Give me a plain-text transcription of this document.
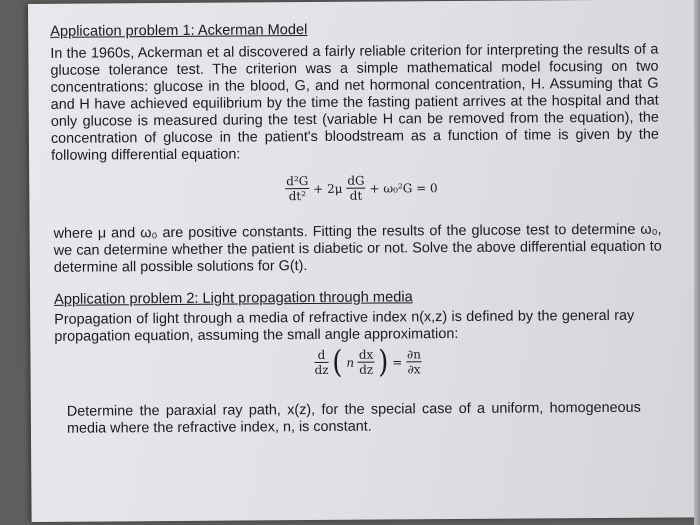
Application problem 1: Ackerman Model
In the 1960s, Ackerman et al discovered a fairly reliable criterion for interpreting the results of a glucose tolerance test. The criterion was a simple mathematical model focusing on two concentrations: glucose in the blood, G, and net hormonal concentration, H. Assuming that G and H have achieved equilibrium by the time the fasting patient arrives at the hospital and that only glucose is measured during the test (variable H can be removed from the equation), the concentration of glucose in the patient's bloodstream as a function of time is given by the following differential equation:
$\frac{\text{d²G}}{\text{dt²}} + 2\mu \frac{dG}{dt} + \omega_0^2G = 0$
where μ and ω₀ are positive constants. Fitting the results of the glucose test to determine ω₀, we can determine whether the patient is diabetic or not. Solve the above differential equation to determine all possible solutions for G(t).
Application problem 2: Light propagation through media
Propagation of light through a media of refractive index n(x,z) is defined by the general ray propagation equation, assuming the small angle approximation:
$\frac{d}{dz}$ ( n $\frac{dx}{dz}$ ) = $\frac{\partial n}{\partial x}$
Determine the paraxial ray path, x(z), for the special case of a uniform, homogeneous media where the refractive index, n, is constant.
